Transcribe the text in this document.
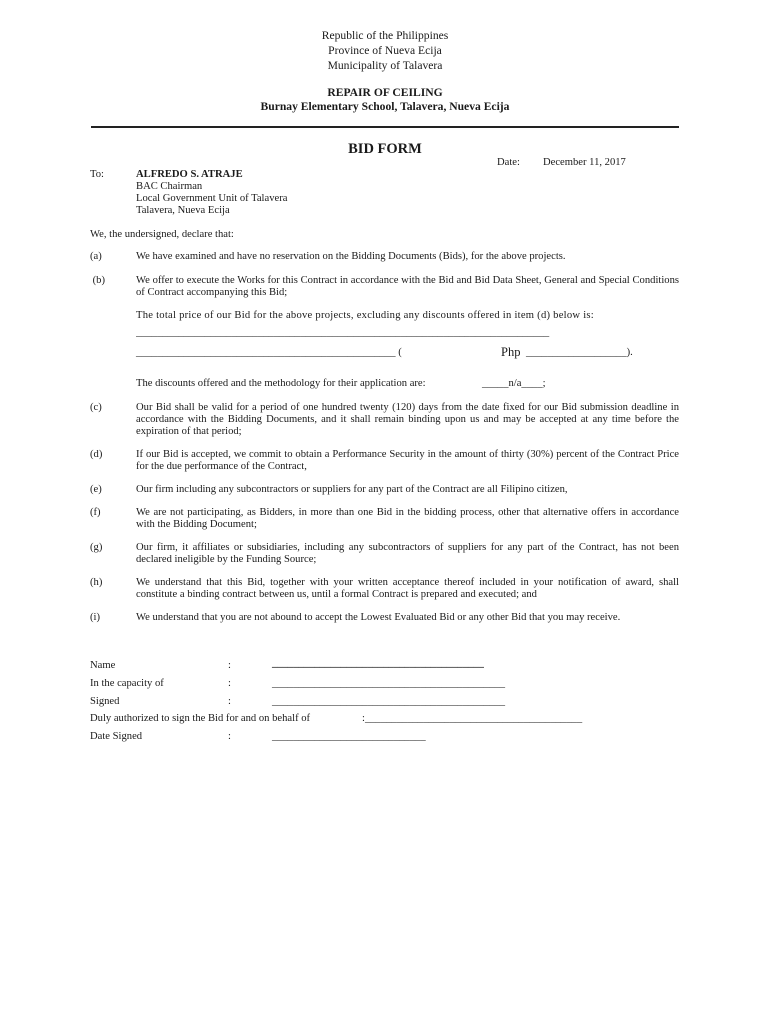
Republic of the Philippines
Province of Nueva Ecija
Municipality of Talavera
REPAIR OF CEILING
Burnay Elementary School, Talavera, Nueva Ecija
BID FORM
Date: December 11, 2017
To:	ALFREDO S. ATRAJE
BAC Chairman
Local Government Unit of Talavera
Talavera, Nueva Ecija
We, the undersigned, declare that:
(a)	We have examined and have no reservation on the Bidding Documents (Bids), for the above projects.
(b)	We offer to execute the Works for this Contract in accordance with the Bid and Bid Data Sheet, General and Special Conditions of Contract accompanying this Bid;
The total price of our Bid for the above projects, excluding any discounts offered in item (d) below is:
______________________________________________________________________________
_________________________________________________ (	Php ___________________).
The discounts offered and the methodology for their application are:	_____n/a____;
(c)	Our Bid shall be valid for a period of one hundred twenty (120) days from the date fixed for our Bid submission deadline in accordance with the Bidding Documents, and it shall remain binding upon us and may be accepted at any time before the expiration of that period;
(d)	If our Bid is accepted, we commit to obtain a Performance Security in the amount of thirty (30%) percent of the Contract Price for the due performance of the Contract,
(e)	Our firm including any subcontractors or suppliers for any part of the Contract are all Filipino citizen,
(f)	We are not participating, as Bidders, in more than one Bid in the bidding process, other that alternative offers in accordance with the Bidding Document;
(g)	Our firm, it affiliates or subsidiaries, including any subcontractors of suppliers for any part of the Contract, has not been declared ineligible by the Funding Source;
(h)	We understand that this Bid, together with your written acceptance thereof included in your notification of award, shall constitute a binding contract between us, until a formal Contract is prepared and executed; and
(i)	We understand that you are not abound to accept the Lowest Evaluated Bid or any other Bid that you may receive.
Name	:	________________________________________
In the capacity of	:	____________________________________________
Signed	:	____________________________________________
Duly authorized to sign the Bid for and on behalf of	:_________________________________________
Date Signed	:	_____________________________
